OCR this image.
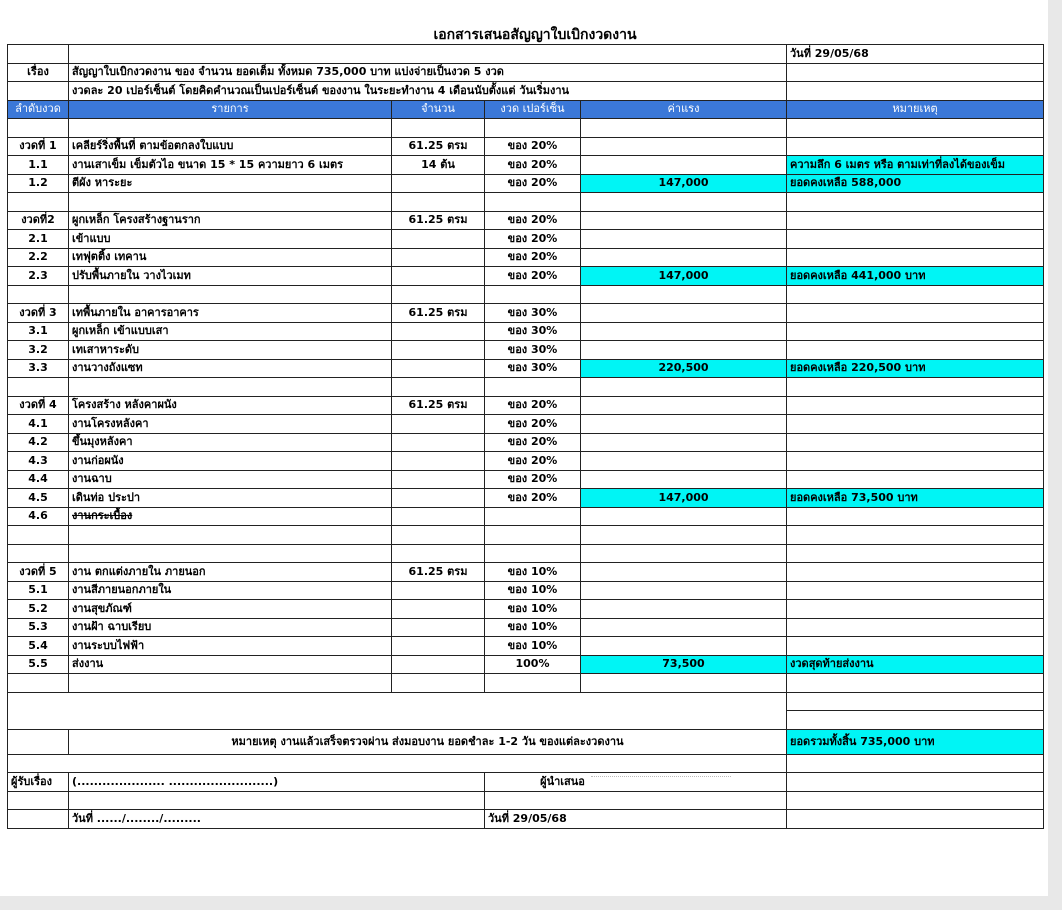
เอกสารเสนอสัญญาใบเบิกงวดงาน
					วันที่ 29/05/68
เรื่อง	สัญญาใบเบิกงวดงาน ของ จำนวน ยอดเต็ม ทั้งหมด 735,000 บาท แบ่งจ่ายเป็นงวด 5 งวด				
	งวดละ 20 เปอร์เซ็นต์ โดยคิดคำนวณเป็นเปอร์เซ็นต์ ของงาน ในระยะทำงาน 4 เดือนนับตั้งแต่ วันเริ่มงาน				
ลำดับงวด	รายการ	จำนวน	งวด เปอร์เซ็น	ค่าแรง	หมายเหตุ

งวดที่ 1	เคลียร์ริ่งพื้นที่ ตามข้อตกลงใบแบบ	61.25 ตรม	ของ 20%		
1.1	งานเสาเข็ม เข็มตัวไอ ขนาด 15 * 15 ความยาว 6 เมตร	14 ต้น	ของ 20%		ความลึก 6 เมตร หรือ ตามเท่าที่ลงได้ของเข็ม
1.2	ตีผัง หาระยะ		ของ 20%	147,000	ยอดคงเหลือ 588,000

งวดที่2	ผูกเหล็ก โครงสร้างฐานราก	61.25 ตรม	ของ 20%		
2.1	เข้าแบบ		ของ 20%		
2.2	เทฟุตติ้ง เทคาน		ของ 20%		
2.3	ปรับพื้นภายใน วางไวเมท		ของ 20%	147,000	ยอดคงเหลือ 441,000 บาท

งวดที่ 3	เทพื้นภายใน อาคารอาคาร	61.25 ตรม	ของ 30%		
3.1	ผูกเหล็ก เข้าแบบเสา		ของ 30%		
3.2	เทเสาหาระดับ		ของ 30%		
3.3	งานวางถังแซท		ของ 30%	220,500	ยอดคงเหลือ 220,500 บาท

งวดที่ 4	โครงสร้าง หลังคาผนัง	61.25 ตรม	ของ 20%		
4.1	งานโครงหลังคา		ของ 20%		
4.2	ขึ้นมุงหลังคา		ของ 20%		
4.3	งานก่อผนัง		ของ 20%		
4.4	งานฉาบ		ของ 20%		
4.5	เดินท่อ ประปา		ของ 20%	147,000	ยอดคงเหลือ 73,500 บาท
4.6	งานกระเบื้อง				

งวดที่ 5	งาน ตกแต่งภายใน ภายนอก	61.25 ตรม	ของ 10%		
5.1	งานสีภายนอกภายใน		ของ 10%		
5.2	งานสุขภัณฑ์		ของ 10%		
5.3	งานฝ้า ฉาบเรียบ		ของ 10%		
5.4	งานระบบไฟฟ้า		ของ 10%		
5.5	ส่งงาน		100%	73,500	งวดสุดท้ายส่งงาน

	หมายเหตุ งานแล้วเสร็จตรวจผ่าน ส่งมอบงาน ยอดชำละ 1-2 วัน ของแต่ละงวดงาน				ยอดรวมทั้งสิ้น 735,000 บาท

ผู้รับเรื่อง	(..................... .........................)		ผู้นำเสนอ		

	วันที่ ....../......../.........		วันที่ 29/05/68		
